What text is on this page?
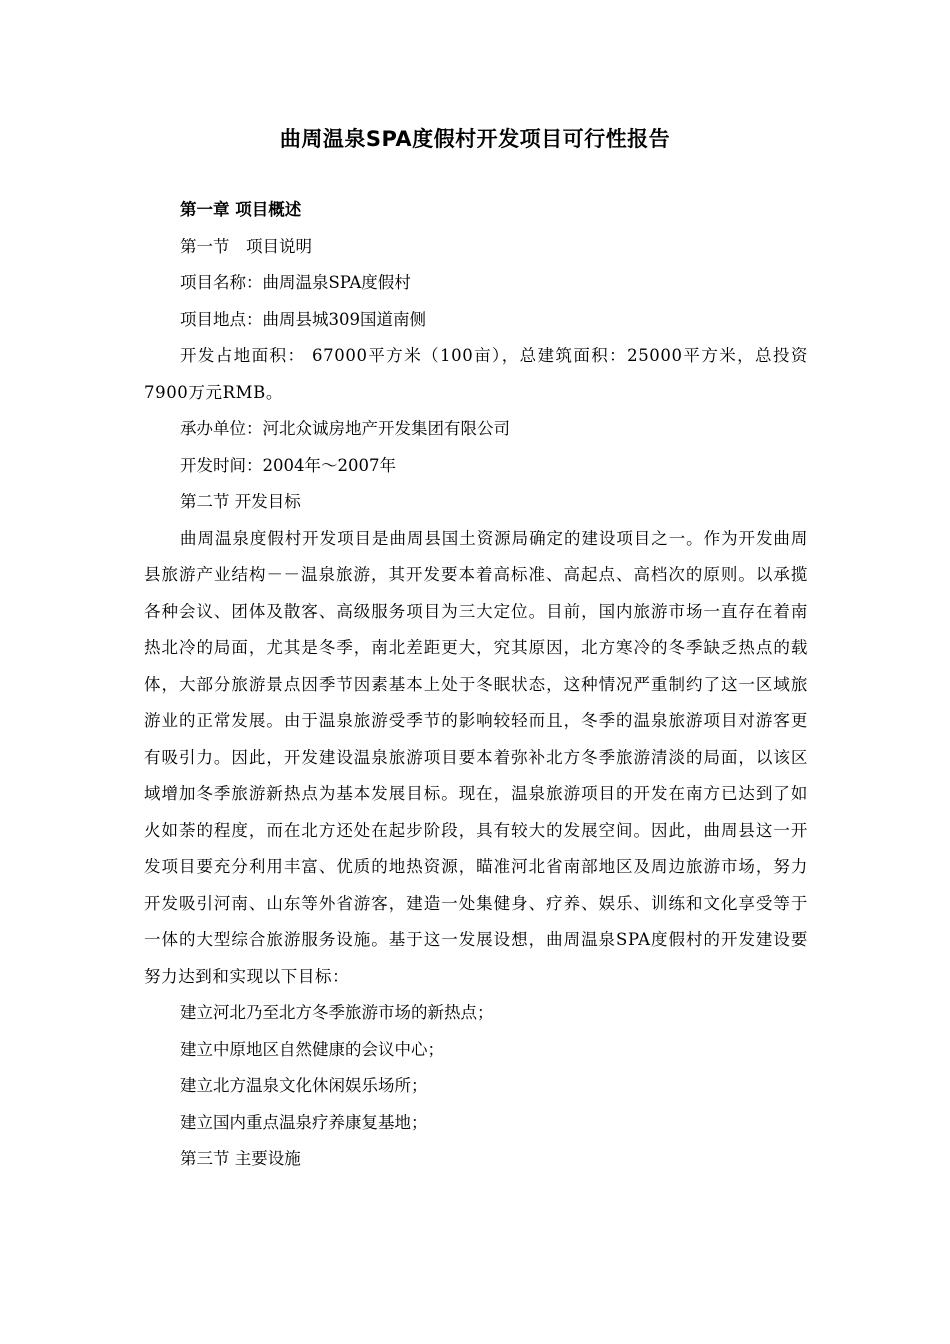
曲周温泉SPA度假村开发项目可行性报告

第一章 项目概述

第一节　项目说明

项目名称：曲周温泉SPA度假村

项目地点：曲周县城309国道南侧

开发占地面积： 67000平方米（100亩），总建筑面积：25000平方米，总投资7900万元RMB。

承办单位：河北众诚房地产开发集团有限公司

开发时间：2004年～2007年

第二节 开发目标

曲周温泉度假村开发项目是曲周县国土资源局确定的建设项目之一。作为开发曲周县旅游产业结构－－温泉旅游，其开发要本着高标准、高起点、高档次的原则。以承揽各种会议、团体及散客、高级服务项目为三大定位。目前，国内旅游市场一直存在着南热北冷的局面，尤其是冬季，南北差距更大，究其原因，北方寒冷的冬季缺乏热点的载体，大部分旅游景点因季节因素基本上处于冬眠状态，这种情况严重制约了这一区域旅游业的正常发展。由于温泉旅游受季节的影响较轻而且，冬季的温泉旅游项目对游客更有吸引力。因此，开发建设温泉旅游项目要本着弥补北方冬季旅游清淡的局面，以该区域增加冬季旅游新热点为基本发展目标。现在，温泉旅游项目的开发在南方已达到了如火如荼的程度，而在北方还处在起步阶段，具有较大的发展空间。因此，曲周县这一开发项目要充分利用丰富、优质的地热资源，瞄准河北省南部地区及周边旅游市场，努力开发吸引河南、山东等外省游客，建造一处集健身、疗养、娱乐、训练和文化享受等于一体的大型综合旅游服务设施。基于这一发展设想，曲周温泉SPA度假村的开发建设要努力达到和实现以下目标：

建立河北乃至北方冬季旅游市场的新热点；

建立中原地区自然健康的会议中心；

建立北方温泉文化休闲娱乐场所；

建立国内重点温泉疗养康复基地；

第三节 主要设施
